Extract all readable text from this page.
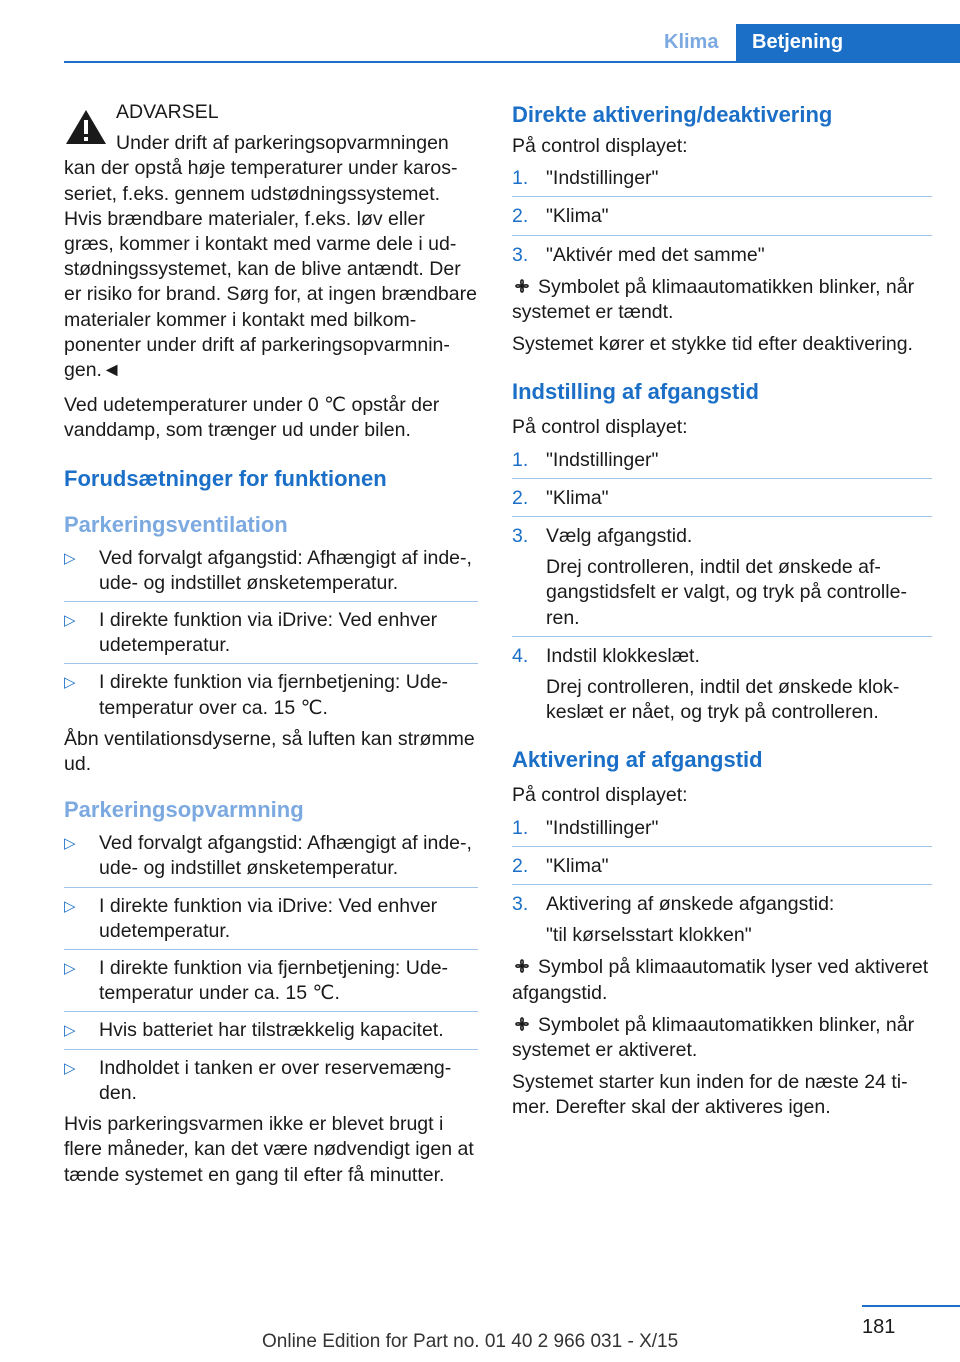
Klima	Betjening
ADVARSEL

Under drift af parkeringsopvarmningen kan der opstå høje temperaturer under karosseriet, f.eks. gennem udstødningssystemet. Hvis brændbare materialer, f.eks. løv eller græs, kommer i kontakt med varme dele i udstødningssystemet, kan de blive antændt. Der er risiko for brand. Sørg for, at ingen brændbare materialer kommer i kontakt med bilkomponenter under drift af parkeringsopvarmningen.◄

Ved udetemperaturer under 0 ℃ opstår der vanddamp, som trænger ud under bilen.

Forudsætninger for funktionen
Parkeringsventilation
▷ Ved forvalgt afgangstid: Afhængigt af inde-, ude- og indstillet ønsketemperatur.
▷ I direkte funktion via iDrive: Ved enhver udetemperatur.
▷ I direkte funktion via fjernbetjening: Udetemperatur over ca. 15 ℃.

Åbn ventilationsdyserne, så luften kan strømme ud.

Parkeringsopvarmning
▷ Ved forvalgt afgangstid: Afhængigt af inde-, ude- og indstillet ønsketemperatur.
▷ I direkte funktion via iDrive: Ved enhver udetemperatur.
▷ I direkte funktion via fjernbetjening: Udetemperatur under ca. 15 ℃.
▷ Hvis batteriet har tilstrækkelig kapacitet.
▷ Indholdet i tanken er over reservemængden.

Hvis parkeringsvarmen ikke er blevet brugt i flere måneder, kan det være nødvendigt igen at tænde systemet en gang til efter få minutter.

Direkte aktivering/deaktivering

På control displayet:

1. "Indstillinger"
2. "Klima"
3. "Aktivér med det samme"

Symbolet på klimaautomatikken blinker, når systemet er tændt.

Systemet kører et stykke tid efter deaktivering.

Indstilling af afgangstid

På control displayet:

1. "Indstillinger"
2. "Klima"
3. Vælg afgangstid.
Drej controlleren, indtil det ønskede afgangstidsfelt er valgt, og tryk på controlleren.
4. Indstil klokkeslæt.
Drej controlleren, indtil det ønskede klokkeslæt er nået, og tryk på controlleren.
Aktivering af afgangstid

På control displayet:

1. "Indstillinger"
2. "Klima"
3. Aktivering af ønskede afgangstid:
"til kørselsstart klokken"

Symbol på klimaautomatik lyser ved aktiveret afgangstid.

Symbolet på klimaautomatikken blinker, når systemet er aktiveret.

Systemet starter kun inden for de næste 24 timer. Derefter skal der aktiveres igen.

181
Online Edition for Part no. 01 40 2 966 031 - X/15
